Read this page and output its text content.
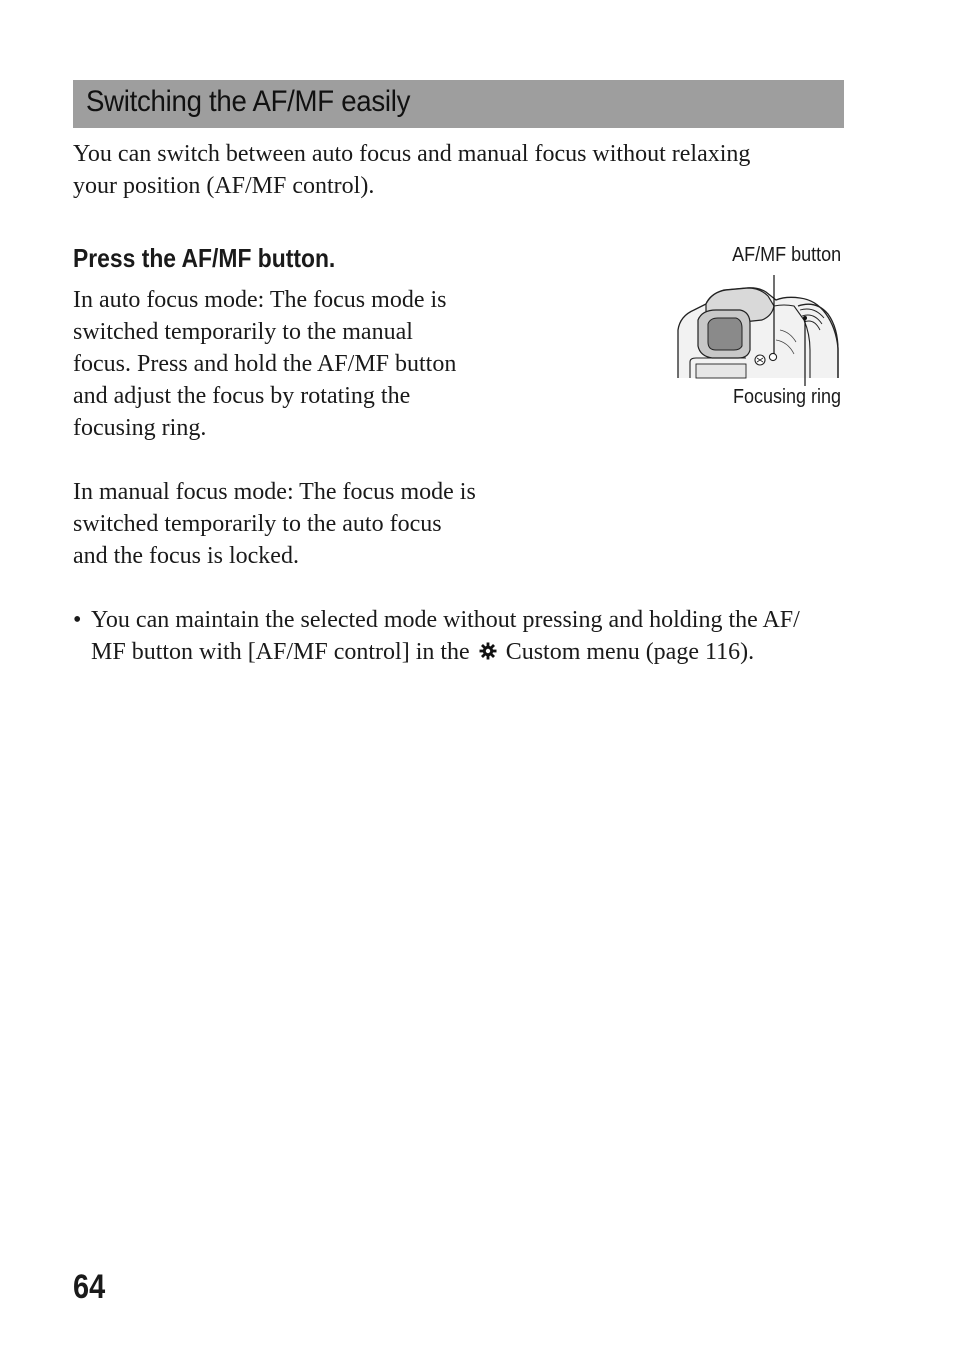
Switching the AF/MF easily
You can switch between auto focus and manual focus without relaxing
your position (AF/MF control).
Press the AF/MF button.
In auto focus mode: The focus mode is
switched temporarily to the manual
focus. Press and hold the AF/MF button
and adjust the focus by rotating the
focusing ring.
In manual focus mode: The focus mode is
switched temporarily to the auto focus
and the focus is locked.
AF/MF button
Focusing ring
• You can maintain the selected mode without pressing and holding the AF/
MF button with [AF/MF control] in the Custom menu (page 116).
64
